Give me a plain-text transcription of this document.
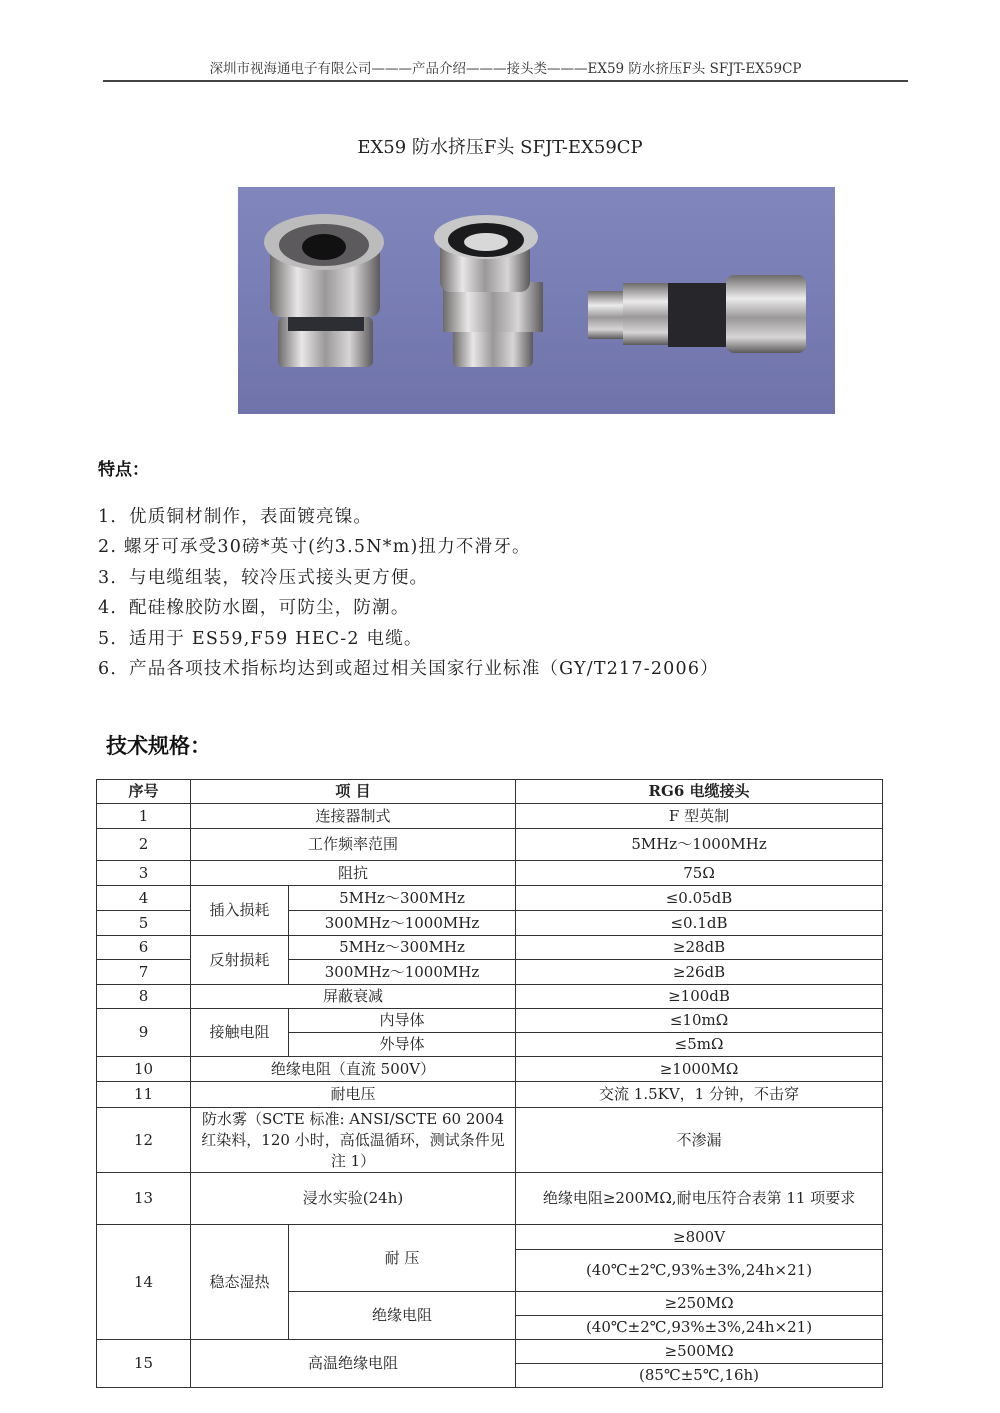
深圳市视海通电子有限公司———产品介绍———接头类———EX59 防水挤压F头 SFJT-EX59CP
EX59 防水挤压F头 SFJT-EX59CP
特点：
1．优质铜材制作，表面镀亮镍。
2. 螺牙可承受30磅*英寸(约3.5N*m)扭力不滑牙。
3．与电缆组装，较冷压式接头更方便。
4．配硅橡胶防水圈，可防尘，防潮。
5．适用于 ES59,F59 HEC-2 电缆。
6．产品各项技术指标均达到或超过相关国家行业标准（GY/T217-2006）
技术规格：
序号	项 目		RG6 电缆接头
1	连接器制式		F 型英制
2	工作频率范围		5MHz～1000MHz
3	阻抗		75Ω
4	插入损耗	5MHz～300MHz	≤0.05dB
5		300MHz～1000MHz	≤0.1dB
6	反射损耗	5MHz～300MHz	≥28dB
7		300MHz～1000MHz	≥26dB
8	屏蔽衰减		≥100dB
9	接触电阻	内导体	≤10mΩ
		外导体	≤5mΩ
10	绝缘电阻（直流 500V）		≥1000MΩ
11	耐电压		交流 1.5KV，1 分钟，不击穿
12	防水雾（SCTE 标准: ANSI/SCTE 60 2004 红染料，120 小时，高低温循环，测试条件见注 1）		不渗漏
13	浸水实验(24h)		绝缘电阻≥200MΩ,耐电压符合表第 11 项要求
14	稳态湿热	耐 压	≥800V
			(40℃±2℃,93%±3%,24h×21)
		绝缘电阻	≥250MΩ
			(40℃±2℃,93%±3%,24h×21)
15	高温绝缘电阻		≥500MΩ
			(85℃±5℃,16h)
